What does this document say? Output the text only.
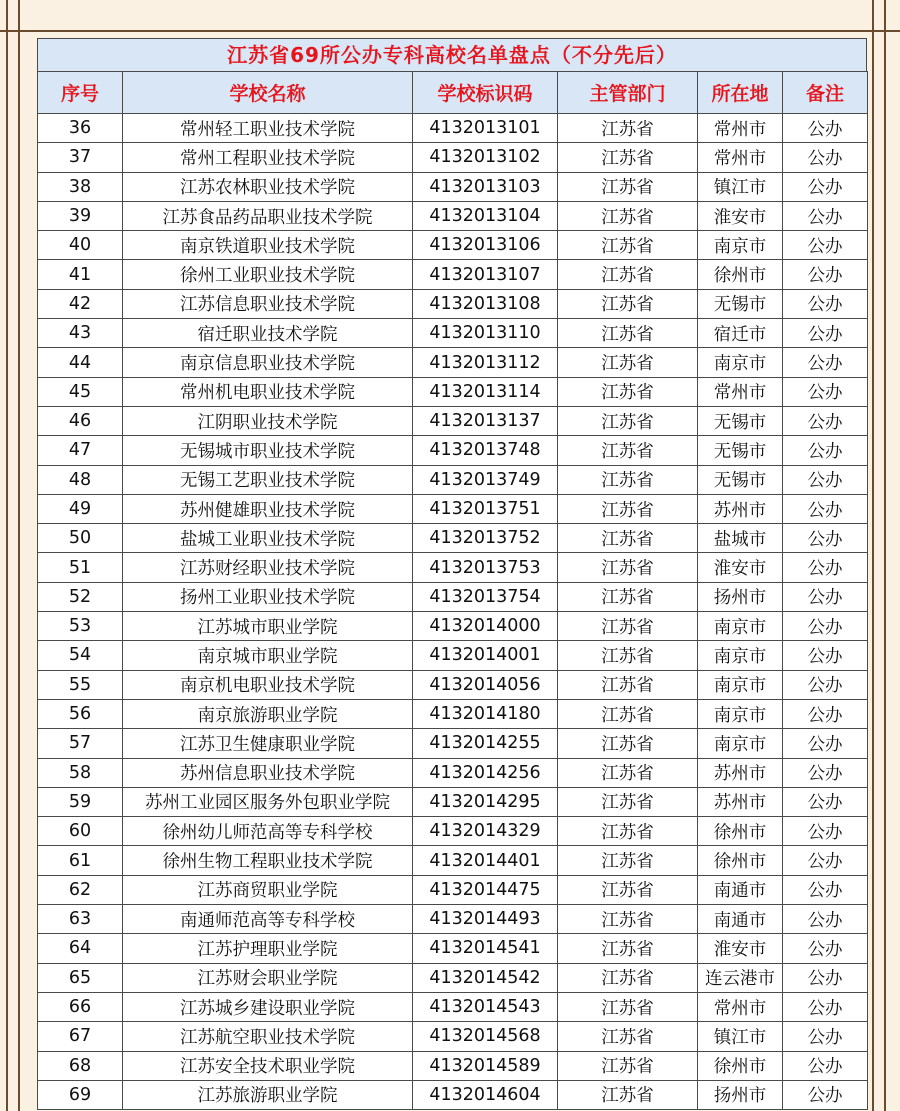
江苏省69所公办专科高校名单盘点（不分先后）
序号	学校名称	学校标识码	主管部门	所在地	备注
36	常州轻工职业技术学院	4132013101	江苏省	常州市	公办
37	常州工程职业技术学院	4132013102	江苏省	常州市	公办
38	江苏农林职业技术学院	4132013103	江苏省	镇江市	公办
39	江苏食品药品职业技术学院	4132013104	江苏省	淮安市	公办
40	南京铁道职业技术学院	4132013106	江苏省	南京市	公办
41	徐州工业职业技术学院	4132013107	江苏省	徐州市	公办
42	江苏信息职业技术学院	4132013108	江苏省	无锡市	公办
43	宿迁职业技术学院	4132013110	江苏省	宿迁市	公办
44	南京信息职业技术学院	4132013112	江苏省	南京市	公办
45	常州机电职业技术学院	4132013114	江苏省	常州市	公办
46	江阴职业技术学院	4132013137	江苏省	无锡市	公办
47	无锡城市职业技术学院	4132013748	江苏省	无锡市	公办
48	无锡工艺职业技术学院	4132013749	江苏省	无锡市	公办
49	苏州健雄职业技术学院	4132013751	江苏省	苏州市	公办
50	盐城工业职业技术学院	4132013752	江苏省	盐城市	公办
51	江苏财经职业技术学院	4132013753	江苏省	淮安市	公办
52	扬州工业职业技术学院	4132013754	江苏省	扬州市	公办
53	江苏城市职业学院	4132014000	江苏省	南京市	公办
54	南京城市职业学院	4132014001	江苏省	南京市	公办
55	南京机电职业技术学院	4132014056	江苏省	南京市	公办
56	南京旅游职业学院	4132014180	江苏省	南京市	公办
57	江苏卫生健康职业学院	4132014255	江苏省	南京市	公办
58	苏州信息职业技术学院	4132014256	江苏省	苏州市	公办
59	苏州工业园区服务外包职业学院	4132014295	江苏省	苏州市	公办
60	徐州幼儿师范高等专科学校	4132014329	江苏省	徐州市	公办
61	徐州生物工程职业技术学院	4132014401	江苏省	徐州市	公办
62	江苏商贸职业学院	4132014475	江苏省	南通市	公办
63	南通师范高等专科学校	4132014493	江苏省	南通市	公办
64	江苏护理职业学院	4132014541	江苏省	淮安市	公办
65	江苏财会职业学院	4132014542	江苏省	连云港市	公办
66	江苏城乡建设职业学院	4132014543	江苏省	常州市	公办
67	江苏航空职业技术学院	4132014568	江苏省	镇江市	公办
68	江苏安全技术职业学院	4132014589	江苏省	徐州市	公办
69	江苏旅游职业学院	4132014604	江苏省	扬州市	公办
